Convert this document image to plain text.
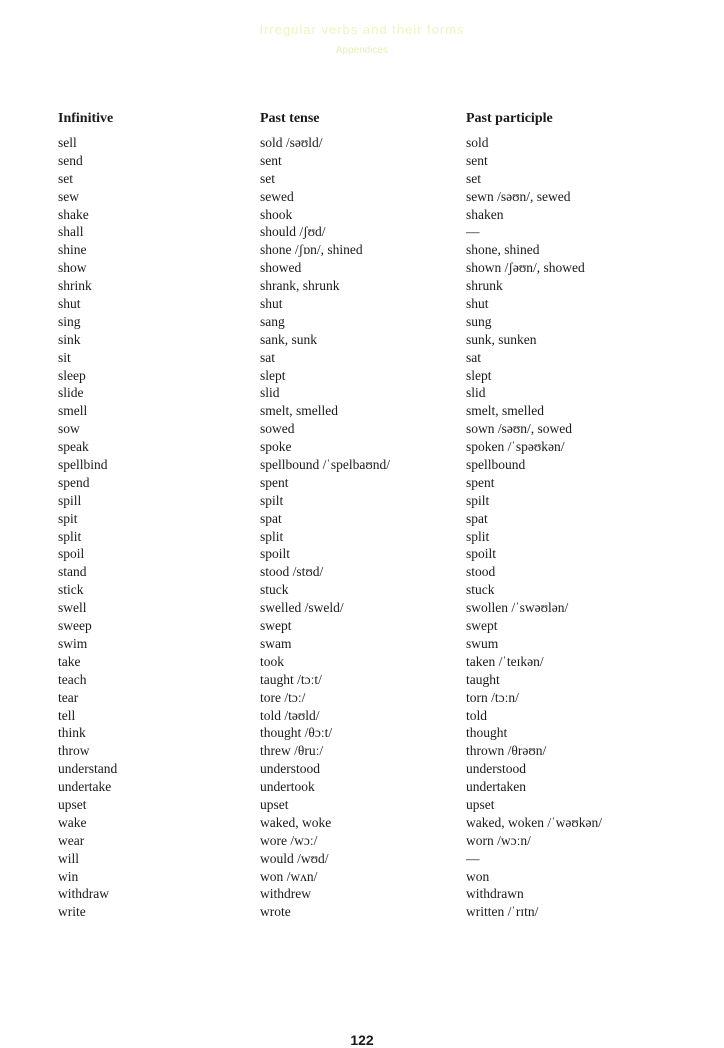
Irregular verbs and their forms
Appendices
Infinitive	Past tense	Past participle
sell	sold /səʊld/	sold
send	sent	sent
set	set	set
sew	sewed	sewn /səʊn/, sewed
shake	shook	shaken
shall	should /ʃʊd/	—
shine	shone /ʃɒn/, shined	shone, shined
show	showed	shown /ʃəʊn/, showed
shrink	shrank, shrunk	shrunk
shut	shut	shut
sing	sang	sung
sink	sank, sunk	sunk, sunken
sit	sat	sat
sleep	slept	slept
slide	slid	slid
smell	smelt, smelled	smelt, smelled
sow	sowed	sown /səʊn/, sowed
speak	spoke	spoken /ˈspəʊkən/
spellbind	spellbound /ˈspelbaʊnd/	spellbound
spend	spent	spent
spill	spilt	spilt
spit	spat	spat
split	split	split
spoil	spoilt	spoilt
stand	stood /stʊd/	stood
stick	stuck	stuck
swell	swelled /sweld/	swollen /ˈswəʊlən/
sweep	swept	swept
swim	swam	swum
take	took	taken /ˈteɪkən/
teach	taught /tɔːt/	taught
tear	tore /tɔː/	torn /tɔːn/
tell	told /təʊld/	told
think	thought /θɔːt/	thought
throw	threw /θruː/	thrown /θrəʊn/
understand	understood	understood
undertake	undertook	undertaken
upset	upset	upset
wake	waked, woke	waked, woken /ˈwəʊkən/
wear	wore /wɔː/	worn /wɔːn/
will	would /wʊd/	—
win	won /wʌn/	won
withdraw	withdrew	withdrawn
write	wrote	written /ˈrɪtn/
122
